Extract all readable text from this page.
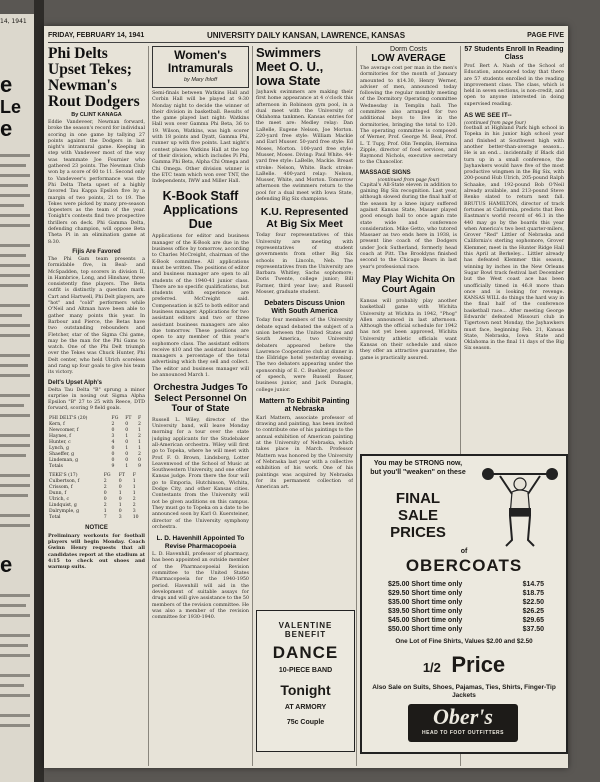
14, 1941
e
Le
e
e
FRIDAY, FEBRUARY 14, 1941	UNIVERSITY DAILY KANSAN, LAWRENCE, KANSAS	PAGE FIVE
Phi Delts Upset Tekes; Newman's Rout Dodgers
By CLINT KANAGA
Eddie Vandeveer, Newman forward, broke the season's record for individual scoring in one game by tallying 27 points against the Dodgers in last night's intramural game. Keeping in step with Vandeveer most of the way was teammate Joe Fournier who gathered 23 points. The Newman Club won by a score of 60 to 11. Second only to Vandeveer's performance was the Phi Delta Theta upset of a highly favored Tau Kappa Epsilon five by a margin of two points, 21 to 19. The Tekes were picked by many pre-season dopesters as the team of the year. Tonight's contests find two prospective thrillers on deck. Phi Gamma Delta, defending champion, will oppose Beta Theta Pi in an elimination game at 8:30.
Fijis Are Favored
The Phi Gam team presents a formidable five, in Beal- and McSpadden, top scorers in division II, in Hambrice, Long, and Hinshaw, three consistently fine players. The Beta outfit is distinctly a question mark. Cart and Hartwell, Phi Delt players, are "hot" and "cold" performers while O'Neil and Altman have been able to gather many points this year. In Barbour and Pierce, the Betas have two outstanding rebounders and Fletcher, star of the Sigma Chi game, may be the man for the Phi Gams to watch. One of the Phi Delt triumph over the Tekes was Chuck Hunter, Phi Delt center, who held Ulrich scoreless and rang up four goals to give his team its victory.
Delt's Upset Alph's
Delta Tau Delta "B" sprung a minor surprise in nosing out Sigma Alpha Epsilon "B" 27 to 25 with Reece, DTD forward, scoring 9 field goals.
PHI DELT'S (20)	FG	FT	F
Kern, f	2	0	2
Newcomer, f	0	0	1
Haynes, f	3	1	2
Hunter, c	4	0	1
Lynch, g	0	1	1
Shaeffer, g	0	0	2
Lindeman, g	0	0	0
Totals	9	1	9
TEKE'S (17)	FG	FT	F
Culbertson, f	2	0	1
Crissom, f	2	0	1
Dunn, f	0	1	1
Ulrich, c	0	0	2
Lindquist, g	2	1	2
Dalrymple, g	1	0	3
Total	7	3	10
NOTICE
Preliminary workouts for football players will begin Monday. Coach Gwinn Henry requests that all candidates report at the stadium at 4:15 to check out shoes and warmup suits.
Women's Intramurals
by Mary Ihloff
Semi-finals between Watkins Hall and Corbin Hall will be played at 9:30 Monday night to decide the winner of their division in basketball. Results of the game played last night: Watkins Hall won over Gamma Phi Beta, 36 to 19. Wilson, Watkins, was high scorer with 18 points and Dyatt, Gamma Phi, runner up with five points. Last night's contest places Watkins Hall at the top of their division, which includes Pi Phi, Gamma Phi Beta, Alpha Chi Omega and Chi Omega. Other division winner is the ETC team which won over TNT, the Independents, IWW and Miller Hall.
K-Book Staff Applications Due
Applications for editor and business manager of the K-Book are due in the business office by tomorrow, according to Charles McCreight, chairman of the K-Book committee. All applications must be written. The positions of editor and business manager are open to all students of the 1940-41 junior class. There are no specific qualifications, but students with experience are preferred. McCreight said. Compensation is $25 to both editor and business manager. Applications for two assistant editors and two or three assistant business managers are also due tomorrow. These positions are open to any member of this year's sophomore class. The assistant editors receive $10 and the assistant business managers a percentage of the total advertising which they sell and collect. The editor and business manager will be announced March 1.
Orchestra Judges To Select Personnel On Tour of State
Russell L. Wiley, director of the University band, will leave Monday morning for a tour over the state judging applicants for the Studebaker all-American orchestra. Wiley will first go to Topeka, where he will meet with Prof. F. O. Brown, Lindsborg, Lotter Leavenwood of the School of Music at Southwestern University, and one other Kansas judge. From there the four will go to Emporia, Hutchinson, Wichita, Dodge City, and other Kansas cities. Contestants from the University will not be given auditions on this campus. They must go to Topeka on a date to be announced soon by Karl O. Kuersteiner, director of the University symphony orchestra.
L. D. Havenhill Appointed To Revise Pharmacopoeia
L. D. Havenhill, professor of pharmacy, has been appointed an outside member of the Pharmacopoeial Revision committee to the United States Pharmacopoeia for the 1940-1950 period. Havenhill will aid in the development of suitable assays for drugs and will give assistance to the 50 members of the revision committee. He was also a member of the revision committee for 1930-1940.
Swimmers Meet O. U., Iowa State
Jayhawk swimmers are making their first home appearance at 4 o'clock this afternoon in Robinson gym pool, in a dual meet with the University of Oklahoma tankmen. Kansas entries for the meet are: Medley relay: Dan LaBelle, Eugene Nelson, Joe Morton. 220-yard free style: William Mackie and Earl Musser. 50-yard free style: Ed Moses, Morton. 100-yard free style: Musser, Moses. Diving: Paul White. 44-yard free style: LaBelle, Mackie. Breast stroke: Nelson, White. Back stroke: LaBelle. 400-yard relay: Nelson, Musser, White, and Morton. Tomorrow afternoon the swimmers return to the pool for a dual meet with Iowa State, defending Big Six champions.
K.U. Represented At Big Six Meet
Today four representatives of this University are meeting with representatives of student governments from other Big Six schools in Lincoln, Neb. The representatives from the University are Barbara Whitley, Sachs sophomore; Doris Twente, college junior; Bill Farmer, third year law; and Russell Mosser, graduate student.
Debaters Discuss Union With South America
Today four members of the University debate squad debated the subject of a union between the United States and South America, two University debaters appeared before the Lawrence Cooperative club at dinner in the Eldridge hotel yesterday evening. The two debaters appearing under the sponsorship of E. C. Buehler, professor of speech, were Russell Bauer, business junior, and Jack Dunagin, college junior.
Mattern To Exhibit Painting at Nebraska
Karl Mattern, associate professor of drawing and painting, has been invited to contribute one of his paintings to the annual exhibition of American painting at the University of Nebraska, which takes place in March. Professor Mattern was honored by the University of Nebraska last year with a collective exhibition of his work. One of his paintings was acquired by Nebraska for its permanent collection of American art.
Dorm Costs
LOW AVERAGE
The average cost per man in the men's dormitories for the month of January amounted to $14.30, Henry Werner, adviser of men, announced today following the regular monthly meeting of the Dormitory Operating committee Wednesday in Templin hall. The committee also arranged for two additional boys to live in the dormitories, bringing the total to 120. The operating committee is composed of Werner, Prof. George M. Beal, Prof. L. T. Tupy, Prof. Olin Templin, Hermina Zipple, director of food services, and Raymond Nichols, executive secretary to the Chancellor.
MASSAGE SIGNS
(continued from page four)
Capital's All-State eleven in addition to gaining Big Six recognition. Last year, although slowed during the final half of the season by a knee injury suffered against Kansas State, Masaer played good enough ball to once again rate state wide and conference consideration. Mike Getto, who tutored Massaer as two ends here in 1938, is present line coach of the Dodgers under Jock Sutherland, formerly head coach at Pitt. The Brooklyns finished second to the Chicago Bears in last year's professional race.
May Play Wichita On Court Again
Kansas will probably play another basketball game with Wichita University at Wichita in 1942, "Phog" Allen announced in last afternoon. Although the official schedule for 1942 has not yet been approved, Wichita University athletic officials want Kansas on their schedule and since they offer an attractive guarantee, the game is practically assured.
57 Students Enroll In Reading Class
Prof. Bert A. Nash of the School of Education, announced today that there are 57 students enrolled in the reading improvement class. The class, which is held in seven sections, is non-credit, and open to anyone interested in doing supervised reading.
AS WE SEE IT--
(continued from page four)
football at Highland Park high school in Topeka in his junior high school year and finished at Southwest high with another better-than-average season... He is an end... incidentally if Black did turn up in a small conference, the Jayhawkers would have five of the most productive wingmen in the Big Six, with 200-pound Hub Ulrich, 205-pound Ralph Schaake, and 192-pound Bob O'Neil already available, and 213-pound Steve Renko slated to return next fall. BRUTUS HAMILTON, director of track fortunes at California, predicts that Ben Eastman's world record of 46.1 in the 440 may go by the boards this year when America's two best quarter-milers, Grover "Red" Littler of Nebraska and California's sterling sophomore, Grover Klemmer, meet in the Hunter Ridge Hall this April at Berkeley... Littler already has defeated Klemmer this season, winning by inches in the New Orleans Sugar Bowl track festival last December but the West coast ace has been unofficially timed in 46.8 more than once and is looking for revenge. KANSAS WILL do things the hard way in the final half of the conference basketball race... After meeting George Edwards' defeated Missouri club in Tigertown next Monday, the Jayhawkers must face, beginning Feb. 21, Kansas State, Nebraska, Iowa State and Oklahoma in the final 11 days of the Big Six season.
VALENTINE
BENEFIT
DANCE
10-PIECE BAND
Tonight
AT ARMORY
75c Couple
You may be STRONG now, but you'll "weaken" on these
FINAL
SALE
PRICES
of
OBERCOATS
$25.00 Short time only	$14.75
$29.50 Short time only	$18.75
$35.00 Short time only	$22.50
$39.50 Short time only	$26.25
$45.00 Short time only	$29.65
$50.00 Short time only	$37.50
One Lot of Fine Shirts, Values $2.00 and $2.50
1/2 Price
Also Sale on Suits, Shoes, Pajamas, Ties, Shirts, Finger-Tip Jackets
Ober's
HEAD TO FOOT OUTFITTERS
